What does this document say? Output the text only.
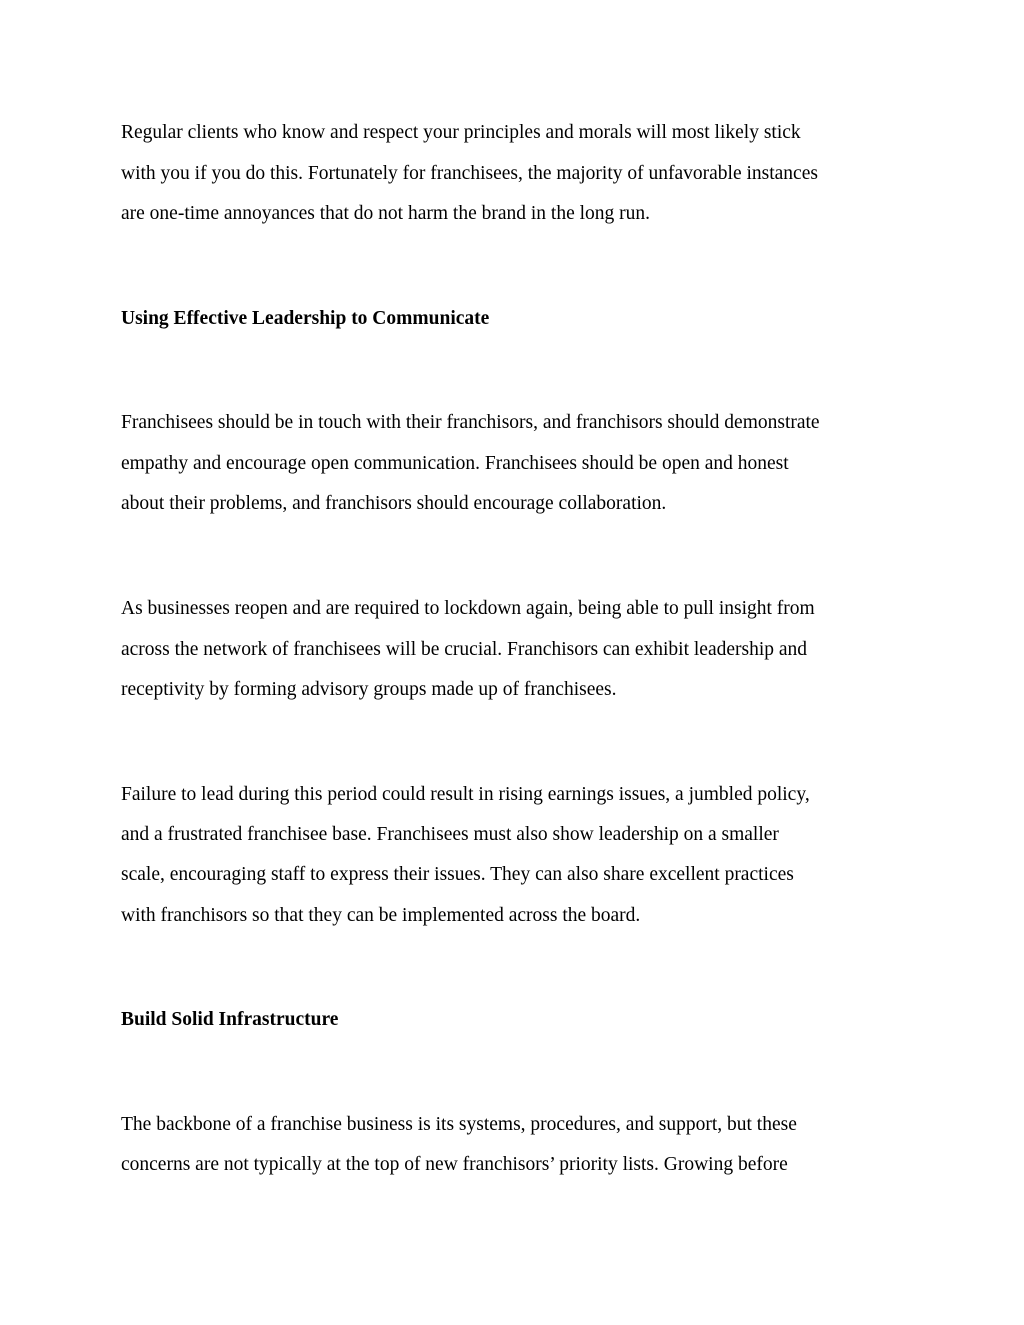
Regular clients who know and respect your principles and morals will most likely stick

with you if you do this. Fortunately for franchisees, the majority of unfavorable instances

are one-time annoyances that do not harm the brand in the long run.

Using Effective Leadership to Communicate

Franchisees should be in touch with their franchisors, and franchisors should demonstrate

empathy and encourage open communication. Franchisees should be open and honest

about their problems, and franchisors should encourage collaboration.

As businesses reopen and are required to lockdown again, being able to pull insight from

across the network of franchisees will be crucial. Franchisors can exhibit leadership and

receptivity by forming advisory groups made up of franchisees.

Failure to lead during this period could result in rising earnings issues, a jumbled policy,

and a frustrated franchisee base. Franchisees must also show leadership on a smaller

scale, encouraging staff to express their issues. They can also share excellent practices

with franchisors so that they can be implemented across the board.

Build Solid Infrastructure

The backbone of a franchise business is its systems, procedures, and support, but these

concerns are not typically at the top of new franchisors’ priority lists. Growing before
